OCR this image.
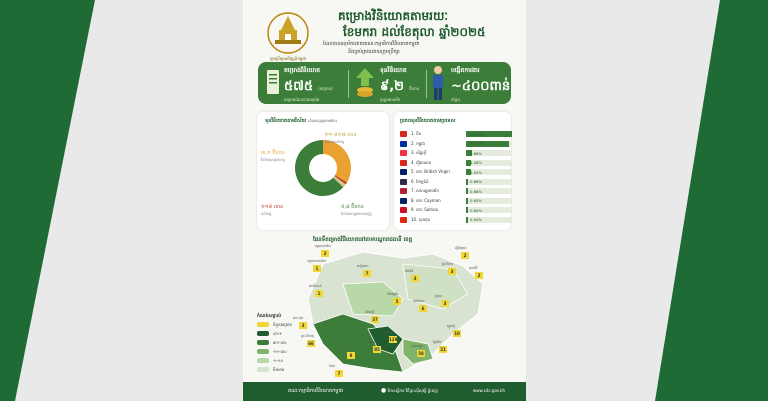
ក្រុមប្រឹក្សាអភិវឌ្ឍន៍កម្ពុជា
គម្រោងវិនិយោគតាមរយៈ
ខែមករា ដល់ខែតុលា ឆ្នាំ២០២៥
ដែលបានអនុម័តដោយគណៈកម្មាធិការវិនិយោគកម្ពុជា
និងគ្រប់គ្រងដោយក្រុមប្រឹក្សា
គម្រោងវិនិយោគ
៥៧៥ (គម្រោង)
គម្រោងដែលបានអនុម័ត
ទុនវិនិយោគ
៩,២ ប៊ីលាន
ដុល្លារអាមេរិក
បង្កើតការងារ
~៤០០ពាន់
កន្លែង
ទុនវិនិយោគតាមវិស័យ (គិតជាដុល្លារអាមេរិក)
២១ ៨១៧ លាន
វិស័យសេវាកម្ម
៣,១ ប៊ីលាន
វិស័យឧស្សាហកម្ម
១១៨ លាន
កសិកម្ម
៥,៨ ប៊ីលាន
វិស័យហេដ្ឋារចនាសម្ព័ន្ធ
ប្រភពទុនវិនិយោគតាមប្រទេស
1. ចិន	35.80%
2. កម្ពុជា	33.52%
3. សិង្ហបុរី	4.68%
4. វៀតណាម	4.06%
5. កោះ British Virgin	3.54%
6. ថៃឡង់ដ៍	0.86%
7. សហរដ្ឋអាមេរិក	0.68%
8. កោះ Cayman	0.65%
9. កោះ Samoa	0.60%
10. ហុងកុង	0.50%
ផែនទីគម្រោងវិនិយោគនៅតាមបណ្ដារាជធានី ខេត្ត
1
បន្ទាយមានជ័យ
2
ឧត្ដរមានជ័យ
3
ព្រះវិហារ
2
ស្ទឹងត្រែង
1
ពោធិ៍សាត់
7
សៀមរាប
3
កំពង់ធំ
2
រតនគិរី
3
ក្រចេះ
5
កំពង់ឆ្នាំង
6
កំពង់ចាម
37
កំពង់ស្ពឺ
129
ភ្នំពេញ
85
កណ្ដាល
58
ស្វាយរៀង
8
តាកែវ
7
កំពត
66
ព្រះសីហនុ
3
កោះកុង
10
ត្បូងឃ្មុំ
21
ព្រៃវែង
កំណត់សម្គាល់
ចំនួនគម្រោង
៨១+
៣១-៨០
១១-៣០
១-១០
មិនមាន
គណៈកម្មាធិការវិនិយោគកម្ពុជា	● វិមានស្ដីការ វិថីព្រះស៊ីសុវត្ថិ ភ្នំពេញ	www.cdc.gov.kh
